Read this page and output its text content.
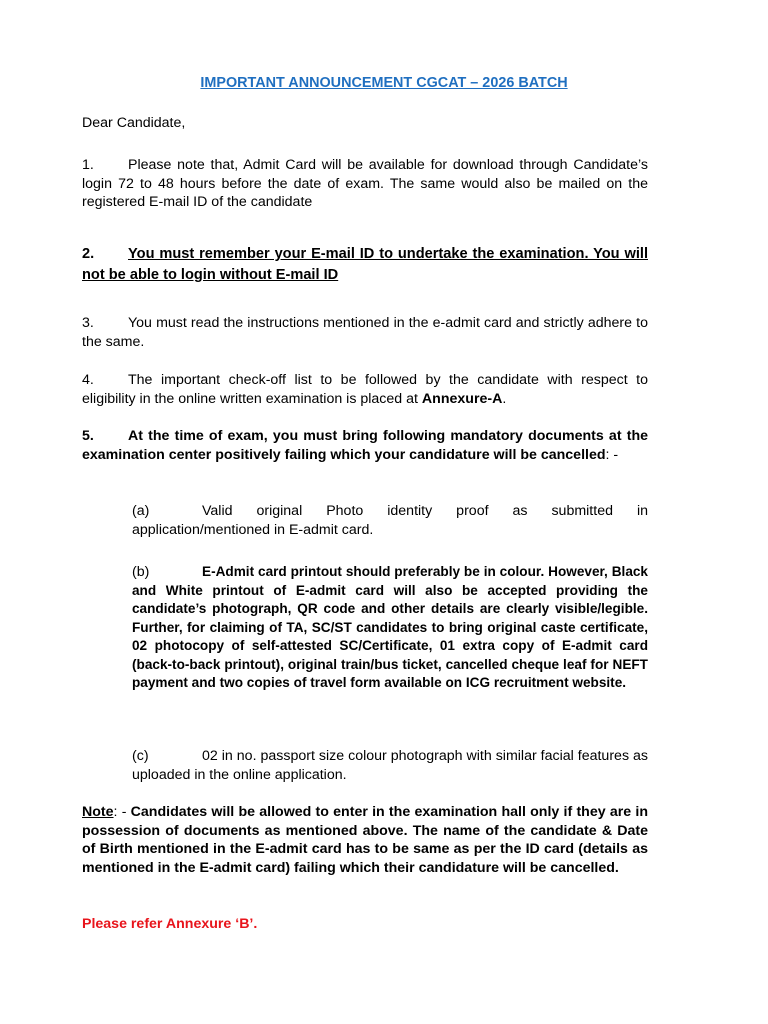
IMPORTANT ANNOUNCEMENT CGCAT – 2026 BATCH
Dear Candidate,
1. Please note that, Admit Card will be available for download through Candidate’s login 72 to 48 hours before the date of exam. The same would also be mailed on the registered E-mail ID of the candidate
2. You must remember your E-mail ID to undertake the examination. You will not be able to login without E-mail ID
3. You must read the instructions mentioned in the e-admit card and strictly adhere to the same.
4. The important check-off list to be followed by the candidate with respect to eligibility in the online written examination is placed at Annexure-A.
5. At the time of exam, you must bring following mandatory documents at the examination center positively failing which your candidature will be cancelled: -
(a)	Valid original Photo identity proof as submitted in application/mentioned in E-admit card.
(b)	E-Admit card printout should preferably be in colour. However, Black and White printout of E-admit card will also be accepted providing the candidate’s photograph, QR code and other details are clearly visible/legible. Further, for claiming of TA, SC/ST candidates to bring original caste certificate, 02 photocopy of self-attested SC/Certificate, 01 extra copy of E-admit card (back-to-back printout), original train/bus ticket, cancelled cheque leaf for NEFT payment and two copies of travel form available on ICG recruitment website.
(c)	02 in no. passport size colour photograph with similar facial features as uploaded in the online application.
Note: - Candidates will be allowed to enter in the examination hall only if they are in possession of documents as mentioned above. The name of the candidate & Date of Birth mentioned in the E-admit card has to be same as per the ID card (details as mentioned in the E-admit card) failing which their candidature will be cancelled.
Please refer Annexure ‘B’.
